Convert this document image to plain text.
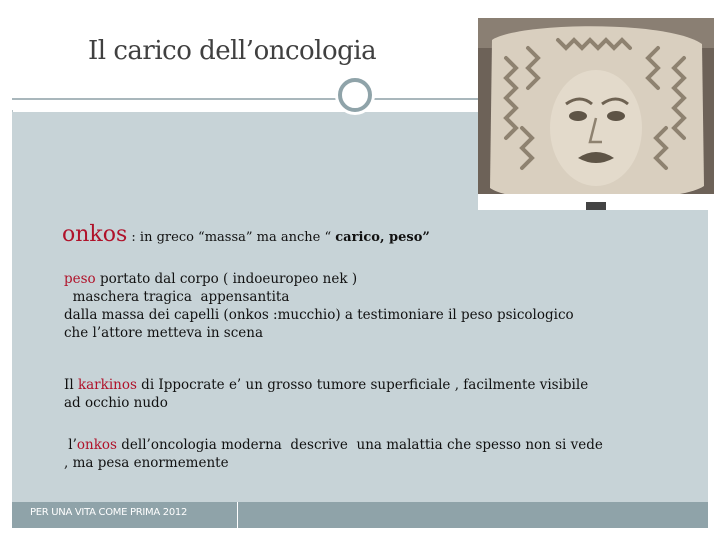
Il carico dell’oncologia
onkos : in greco “massa” ma anche “ carico, peso”
peso portato dal corpo ( indoeuropeo nek )
maschera tragica  appensantita
dalla massa dei capelli (onkos :mucchio) a testimoniare il peso psicologico
che l’attore metteva in scena
Il karkinos di Ippocrate e’ un grosso tumore superficiale , facilmente visibile
ad occhio nudo
l’onkos dell’oncologia moderna  descrive  una malattia che spesso non si vede
, ma pesa enormemente
PER UNA VITA COME PRIMA 2012
